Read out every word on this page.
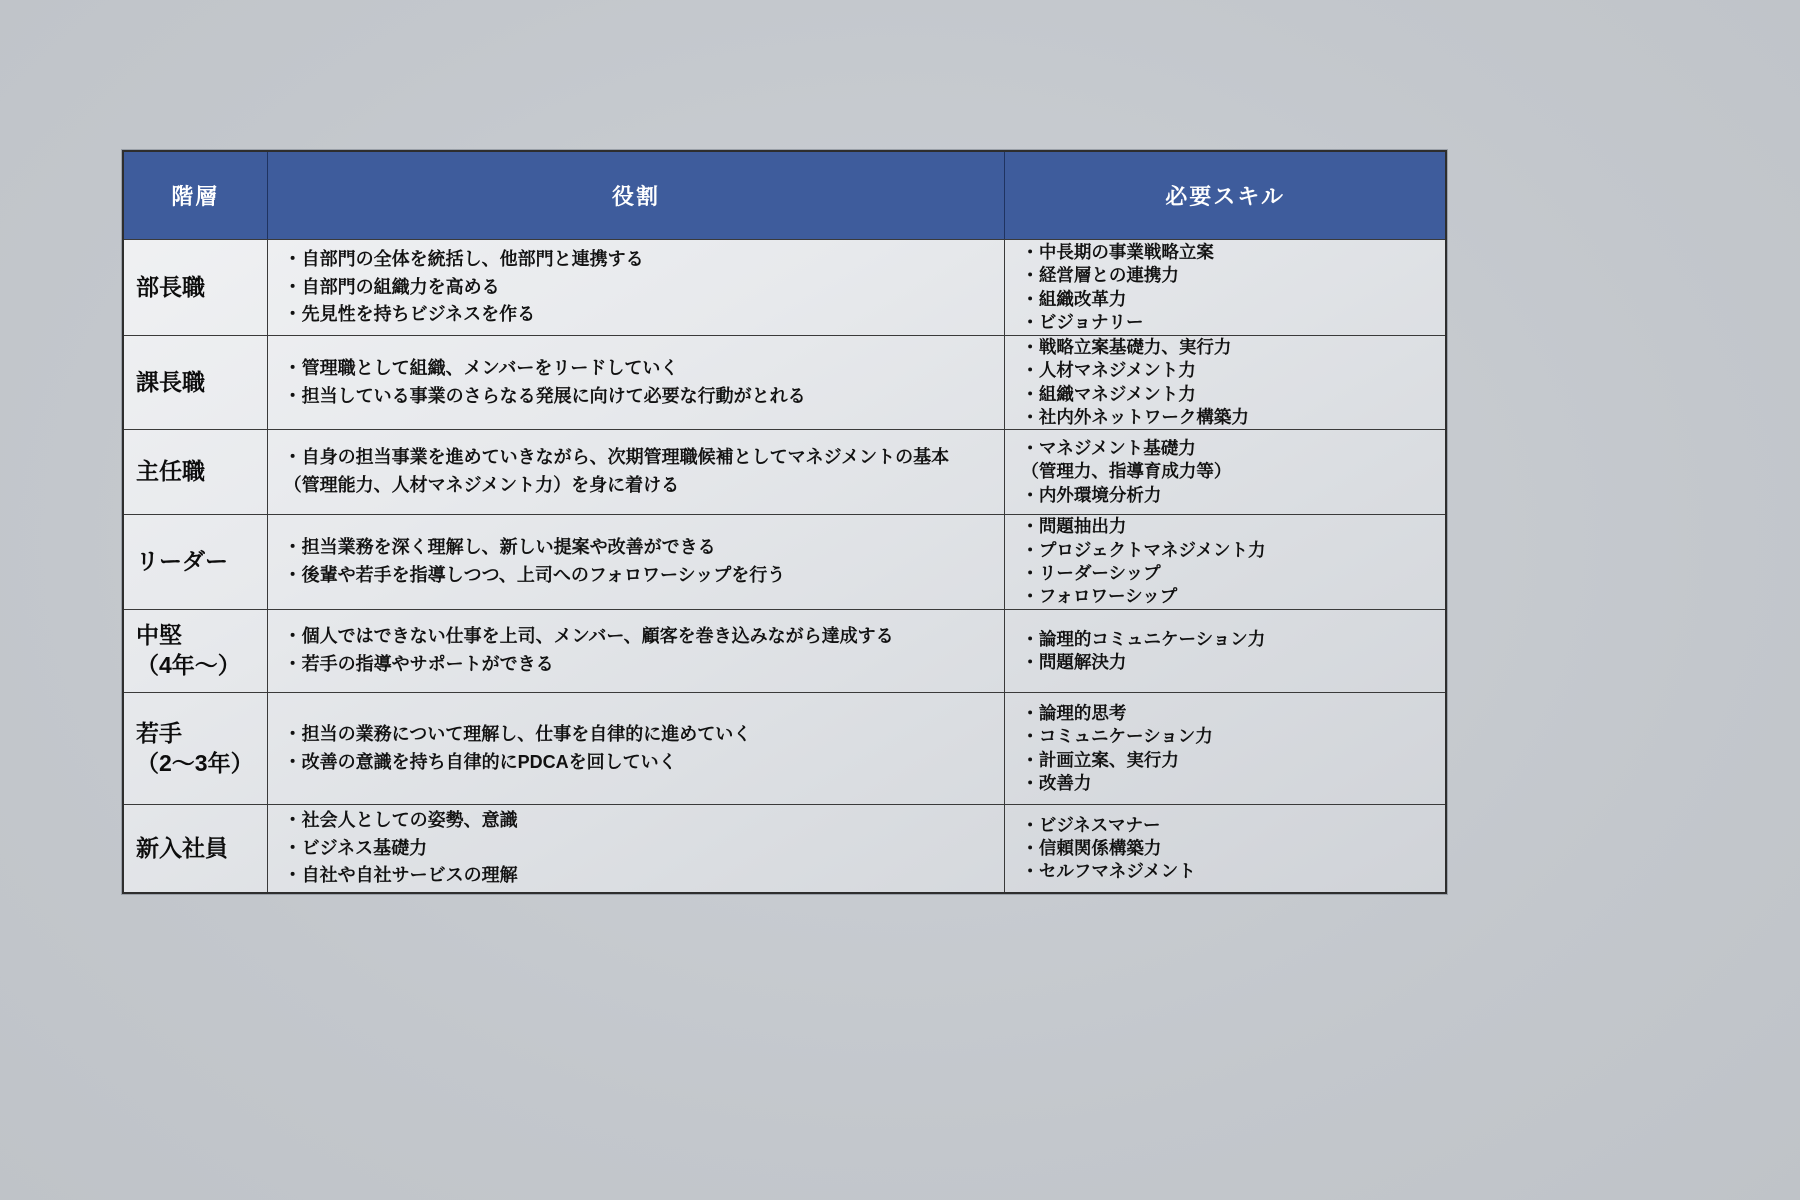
階層	役割	必要スキル
部長職
・自部門の全体を統括し、他部門と連携する
・自部門の組織力を高める
・先見性を持ちビジネスを作る
・中長期の事業戦略立案
・経営層との連携力
・組織改革力
・ビジョナリー
課長職
・管理職として組織、メンバーをリードしていく
・担当している事業のさらなる発展に向けて必要な行動がとれる
・戦略立案基礎力、実行力
・人材マネジメント力
・組織マネジメント力
・社内外ネットワーク構築力
主任職
・自身の担当事業を進めていきながら、次期管理職候補としてマネジメントの基本
（管理能力、人材マネジメント力）を身に着ける
・マネジメント基礎力
（管理力、指導育成力等）
・内外環境分析力
リーダー
・担当業務を深く理解し、新しい提案や改善ができる
・後輩や若手を指導しつつ、上司へのフォロワーシップを行う
・問題抽出力
・プロジェクトマネジメント力
・リーダーシップ
・フォロワーシップ
中堅
（4年～）
・個人ではできない仕事を上司、メンバー、顧客を巻き込みながら達成する
・若手の指導やサポートができる
・論理的コミュニケーション力
・問題解決力
若手
（2～3年）
・担当の業務について理解し、仕事を自律的に進めていく
・改善の意識を持ち自律的にPDCAを回していく
・論理的思考
・コミュニケーション力
・計画立案、実行力
・改善力
新入社員
・社会人としての姿勢、意識
・ビジネス基礎力
・自社や自社サービスの理解
・ビジネスマナー
・信頼関係構築力
・セルフマネジメント
